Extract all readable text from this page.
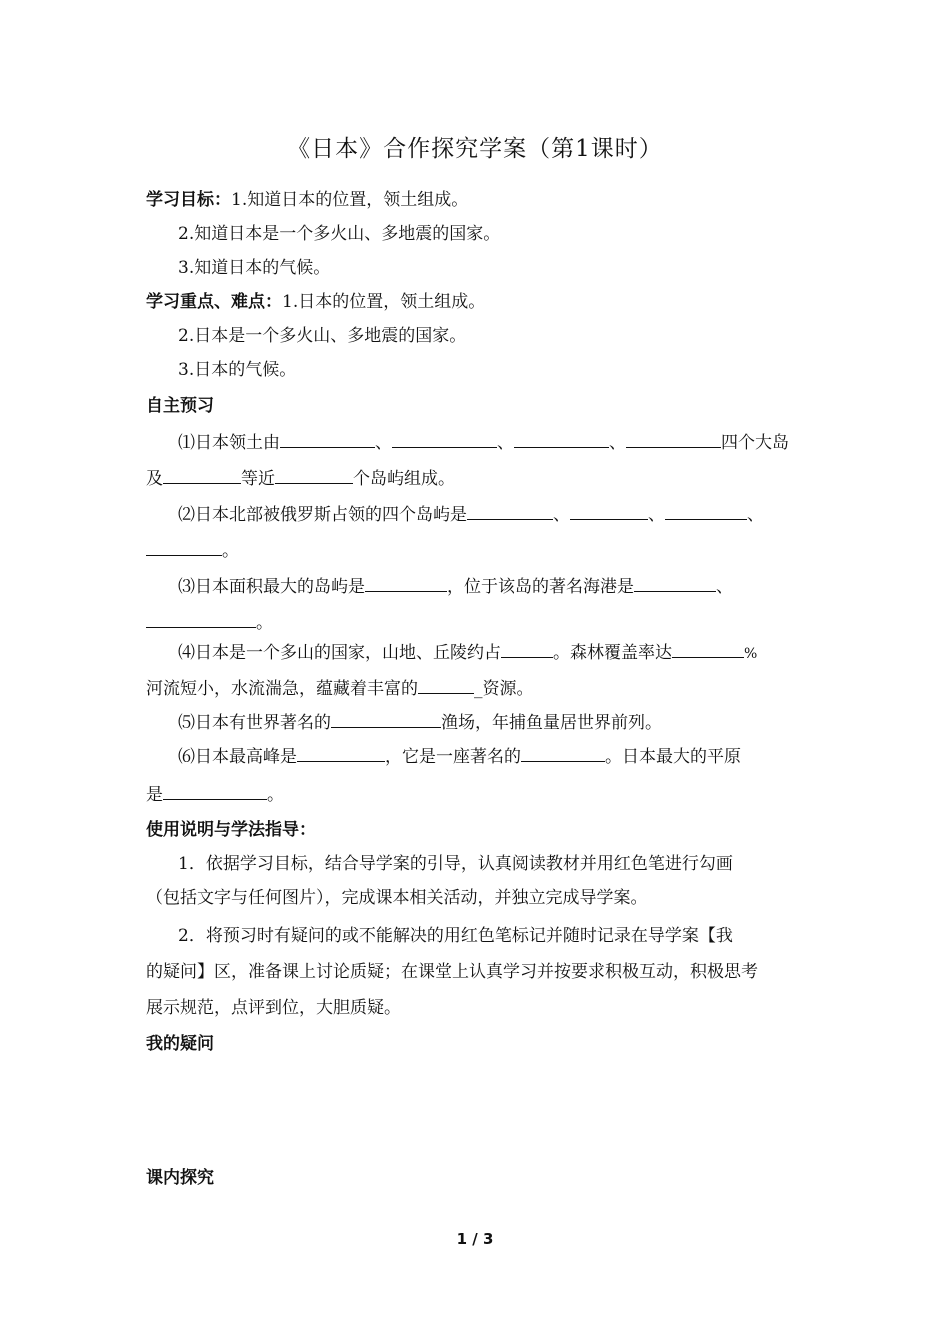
《日本》合作探究学案（第1课时）
学习目标：1.知道日本的位置，领土组成。
2.知道日本是一个多火山、多地震的国家。
3.知道日本的气候。
学习重点、难点：1.日本的位置，领土组成。
2.日本是一个多火山、多地震的国家。
3.日本的气候。
自主预习
⑴日本领土由	、	、	、	四个大岛
及	等近	个岛屿组成。
⑵日本北部被俄罗斯占领的四个岛屿是	、	、	、
。
⑶日本面积最大的岛屿是	，位于该岛的著名海港是	、
。
⑷日本是一个多山的国家，山地、丘陵约占	。森林覆盖率达	%
河流短小，水流湍急，蕴藏着丰富的	_资源。
⑸日本有世界著名的	渔场，年捕鱼量居世界前列。
⑹日本最高峰是	，它是一座著名的	。日本最大的平原
是	。
使用说明与学法指导：
1．依据学习目标，结合导学案的引导，认真阅读教材并用红色笔进行勾画
（包括文字与任何图片），完成课本相关活动，并独立完成导学案。
2．将预习时有疑问的或不能解决的用红色笔标记并随时记录在导学案【我
的疑问】区，准备课上讨论质疑；在课堂上认真学习并按要求积极互动，积极思考
展示规范，点评到位，大胆质疑。
我的疑问
课内探究
1 / 3
